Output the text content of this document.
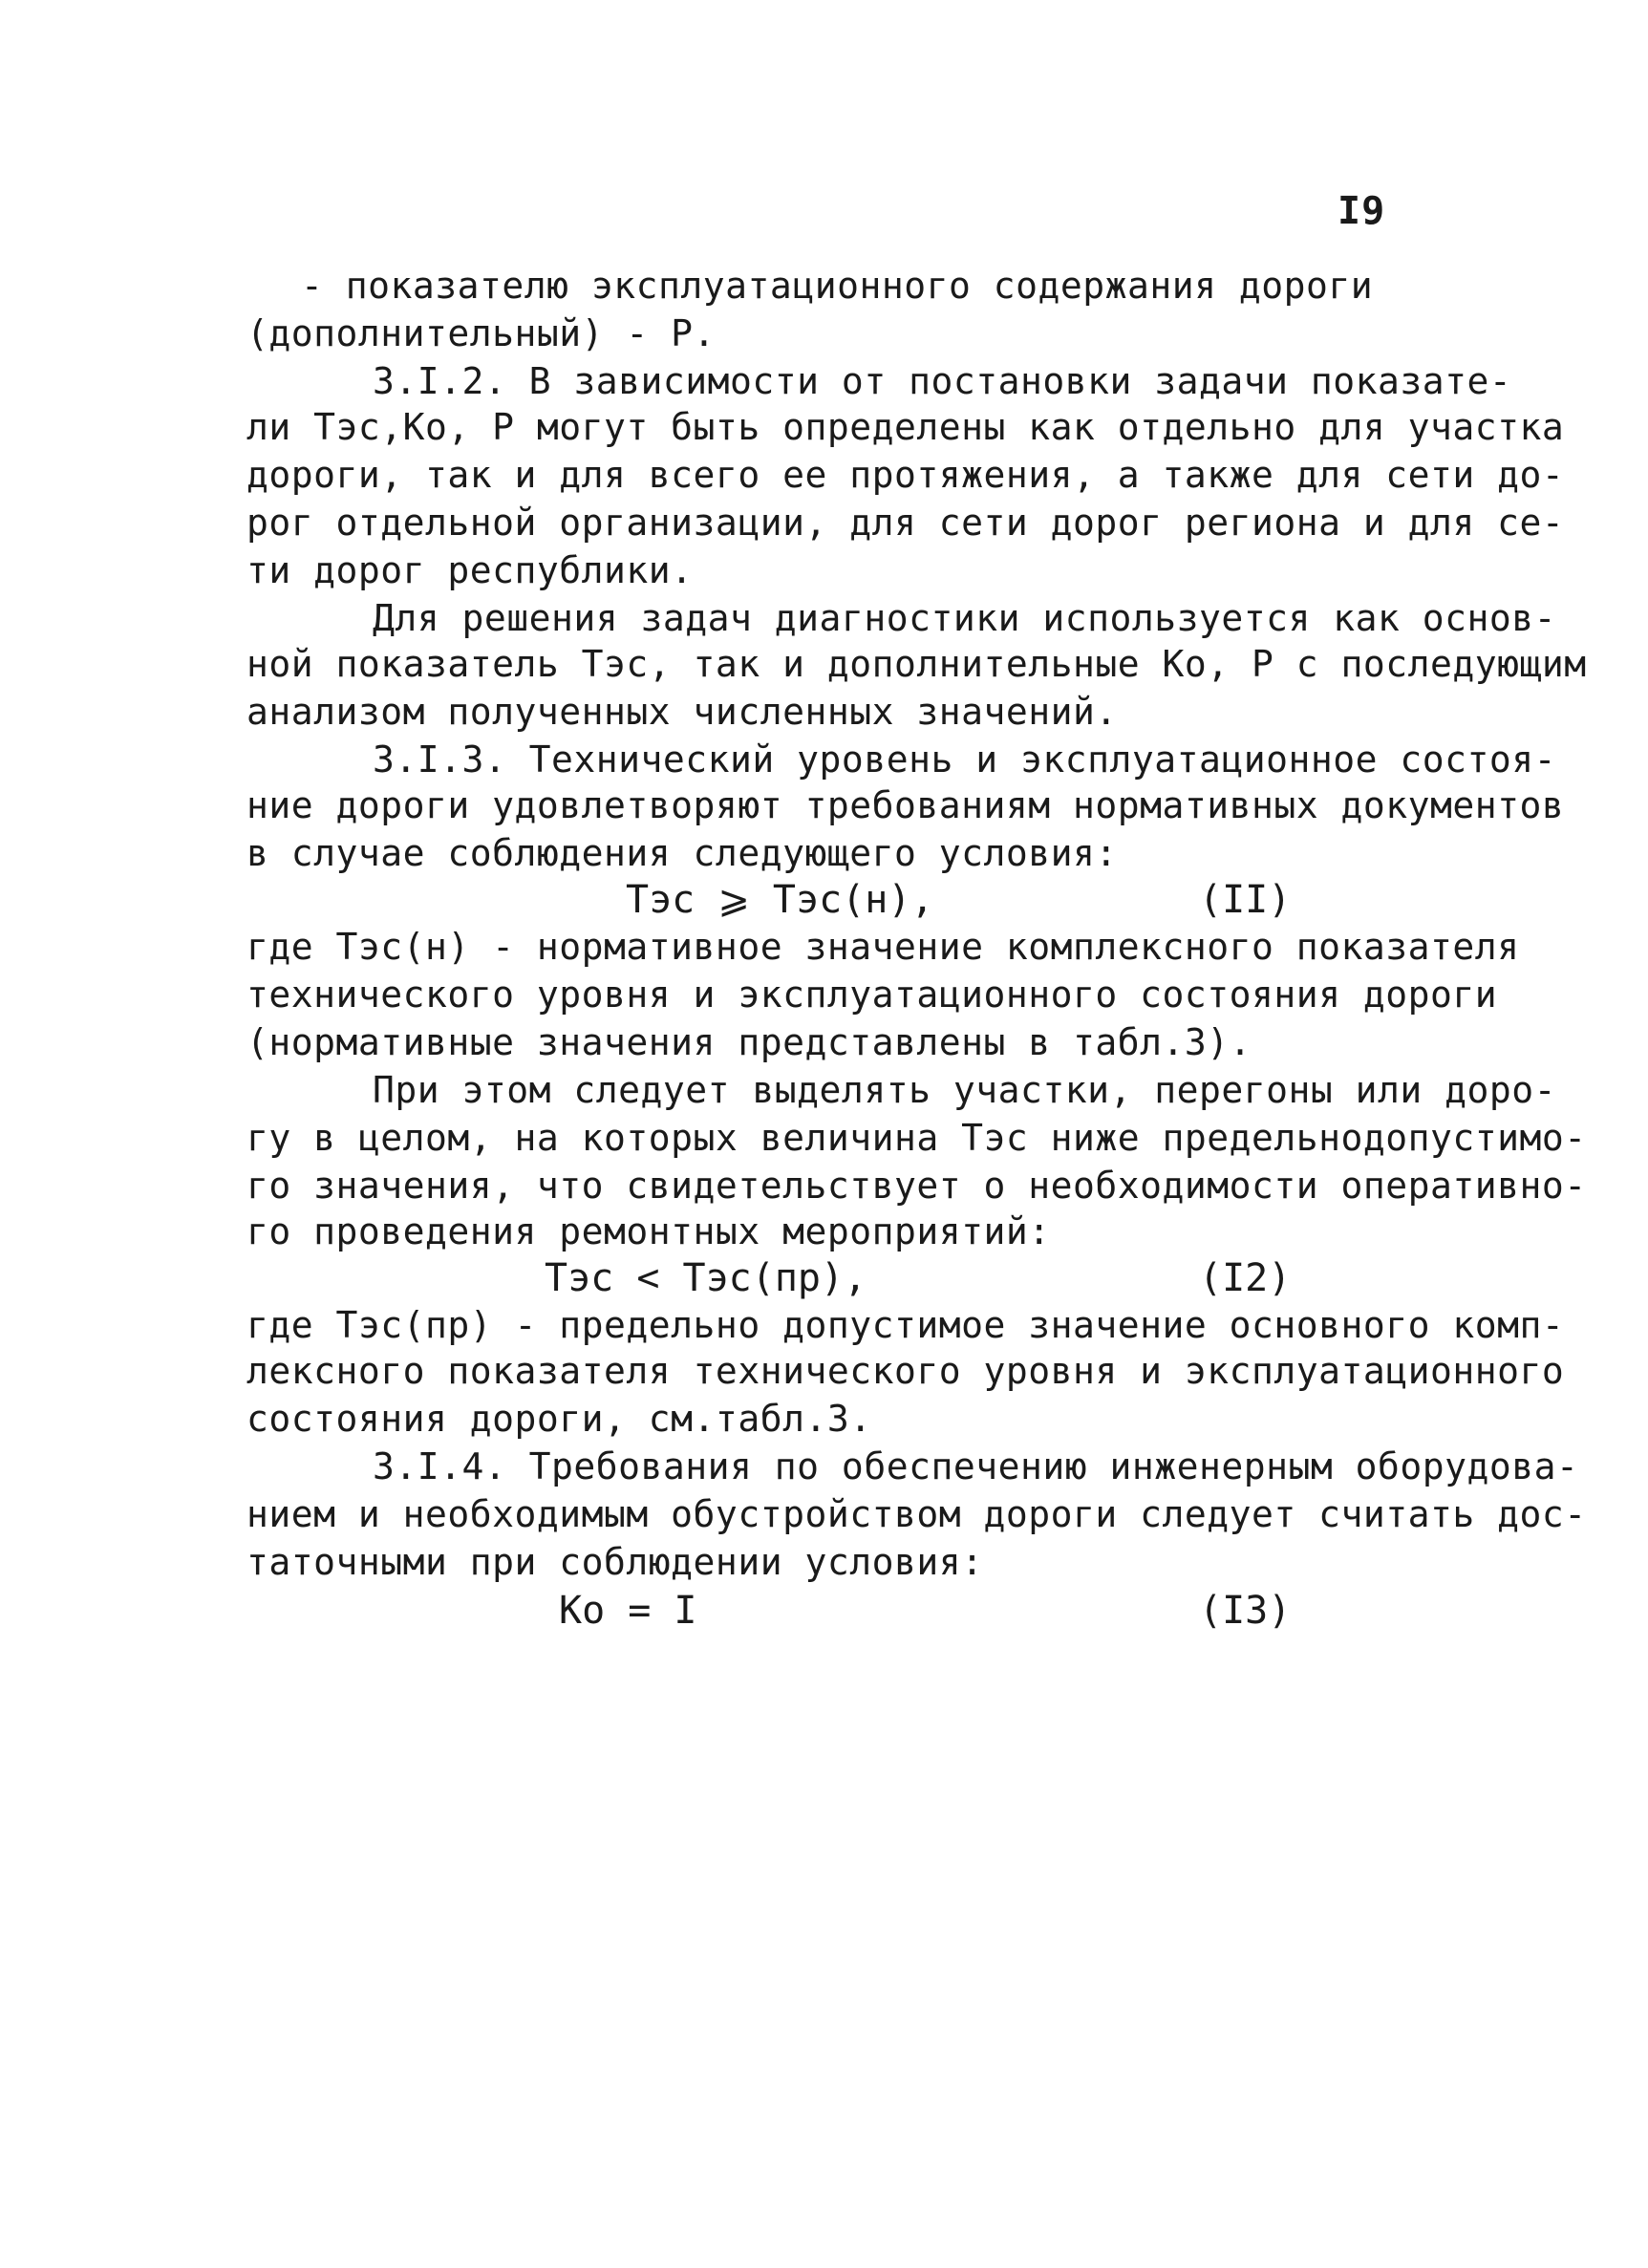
I9
- показателю эксплуатационного содержания дороги
(дополнительный) - Р.
3.I.2. В зависимости от постановки задачи показате-
ли Тэс,Ко, Р могут быть определены как отдельно для участка
дороги, так и для всего ее протяжения, а также для сети до-
рог отдельной организации, для сети дорог региона и для се-
ти дорог республики.
Для решения задач диагностики используется как основ-
ной показатель Тэс, так и дополнительные Ко, Р с последующим
анализом полученных численных значений.
3.I.3. Технический уровень и эксплуатационное состоя-
ние дороги удовлетворяют требованиям нормативных документов
в случае соблюдения следующего условия:
Тэс ⩾ Тэс(н),	(II)
где Тэс(н) - нормативное значение комплексного показателя
технического уровня и эксплуатационного состояния дороги
(нормативные значения представлены в табл.3).
При этом следует выделять участки, перегоны или доро-
гу в целом, на которых величина Тэс ниже предельнодопустимо-
го значения, что свидетельствует о необходимости оперативно-
го проведения ремонтных мероприятий:
Тэс < Тэс(пр),	(I2)
где Тэс(пр) - предельно допустимое значение основного комп-
лексного показателя технического уровня и эксплуатационного
состояния дороги, см.табл.3.
3.I.4. Требования по обеспечению инженерным оборудова-
нием и необходимым обустройством дороги следует считать дос-
таточными при соблюдении условия:
Ко = I	(I3)
